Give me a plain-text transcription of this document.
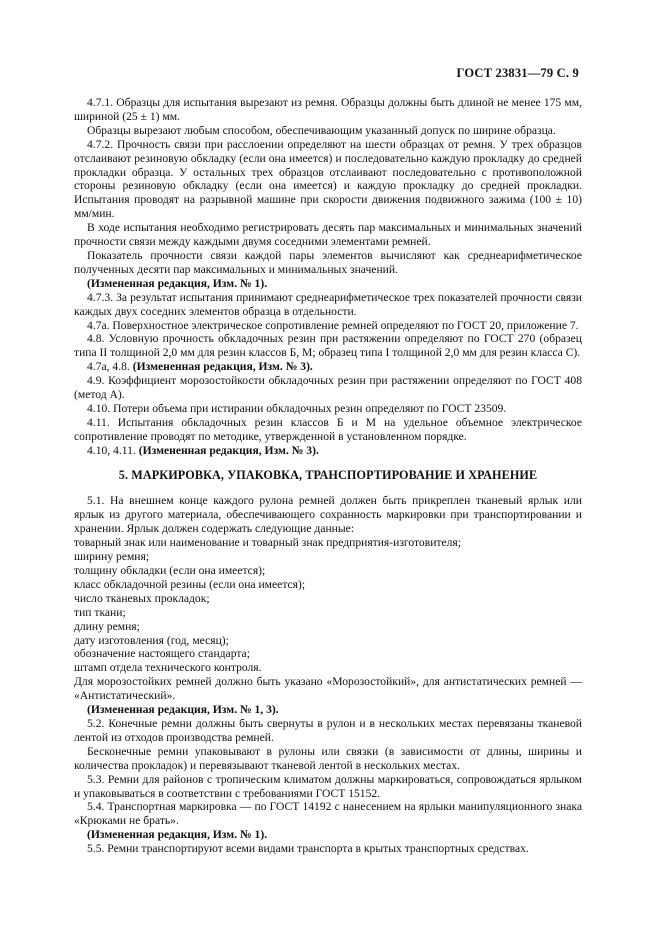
ГОСТ 23831—79 С. 9

4.7.1. Образцы для испытания вырезают из ремня. Образцы должны быть длиной не менее 175 мм, шириной (25 ± 1) мм.

Образцы вырезают любым способом, обеспечивающим указанный допуск по ширине образца.

4.7.2. Прочность связи при расслоении определяют на шести образцах от ремня. У трех образцов отслаивают резиновую обкладку (если она имеется) и последовательно каждую прокладку до средней прокладки образца. У остальных трех образцов отслаивают последовательно с противоположной стороны резиновую обкладку (если она имеется) и каждую прокладку до средней прокладки. Испытания проводят на разрывной машине при скорости движения подвижного зажима (100 ± 10) мм/мин.

В ходе испытания необходимо регистрировать десять пар максимальных и минимальных значений прочности связи между каждыми двумя соседними элементами ремней.

Показатель прочности связи каждой пары элементов вычисляют как среднеарифметическое полученных десяти пар максимальных и минимальных значений.

(Измененная редакция, Изм. № 1).

4.7.3. За результат испытания принимают среднеарифметическое трех показателей прочности связи каждых двух соседних элементов образца в отдельности.

4.7а. Поверхностное электрическое сопротивление ремней определяют по ГОСТ 20, приложение 7.

4.8. Условную прочность обкладочных резин при растяжении определяют по ГОСТ 270 (образец типа II толщиной 2,0 мм для резин классов Б, М; образец типа I толщиной 2,0 мм для резин класса С).

4.7а, 4.8. (Измененная редакция, Изм. № 3).

4.9. Коэффициент морозостойкости обкладочных резин при растяжении определяют по ГОСТ 408 (метод А).

4.10. Потери объема при истирании обкладочных резин определяют по ГОСТ 23509.

4.11. Испытания обкладочных резин классов Б и М на удельное объемное электрическое сопротивление проводят по методике, утвержденной в установленном порядке.

4.10, 4.11. (Измененная редакция, Изм. № 3).

5. МАРКИРОВКА, УПАКОВКА, ТРАНСПОРТИРОВАНИЕ И ХРАНЕНИЕ

5.1. На внешнем конце каждого рулона ремней должен быть прикреплен тканевый ярлык или ярлык из другого материала, обеспечивающего сохранность маркировки при транспортировании и хранении. Ярлык должен содержать следующие данные:

товарный знак или наименование и товарный знак предприятия-изготовителя;

ширину ремня;

толщину обкладки (если она имеется);

класс обкладочной резины (если она имеется);

число тканевых прокладок;

тип ткани;

длину ремня;

дату изготовления (год, месяц);

обозначение настоящего стандарта;

штамп отдела технического контроля.

Для морозостойких ремней должно быть указано «Морозостойкий», для антистатических ремней — «Антистатический».

(Измененная редакция, Изм. № 1, 3).

5.2. Конечные ремни должны быть свернуты в рулон и в нескольких местах перевязаны тканевой лентой из отходов производства ремней.

Бесконечные ремни упаковывают в рулоны или связки (в зависимости от длины, ширины и количества прокладок) и перевязывают тканевой лентой в нескольких местах.

5.3. Ремни для районов с тропическим климатом должны маркироваться, сопровождаться ярлыком и упаковываться в соответствии с требованиями ГОСТ 15152.

5.4. Транспортная маркировка — по ГОСТ 14192 с нанесением на ярлыки манипуляционного знака «Крюками не брать».

(Измененная редакция, Изм. № 1).

5.5. Ремни транспортируют всеми видами транспорта в крытых транспортных средствах.
